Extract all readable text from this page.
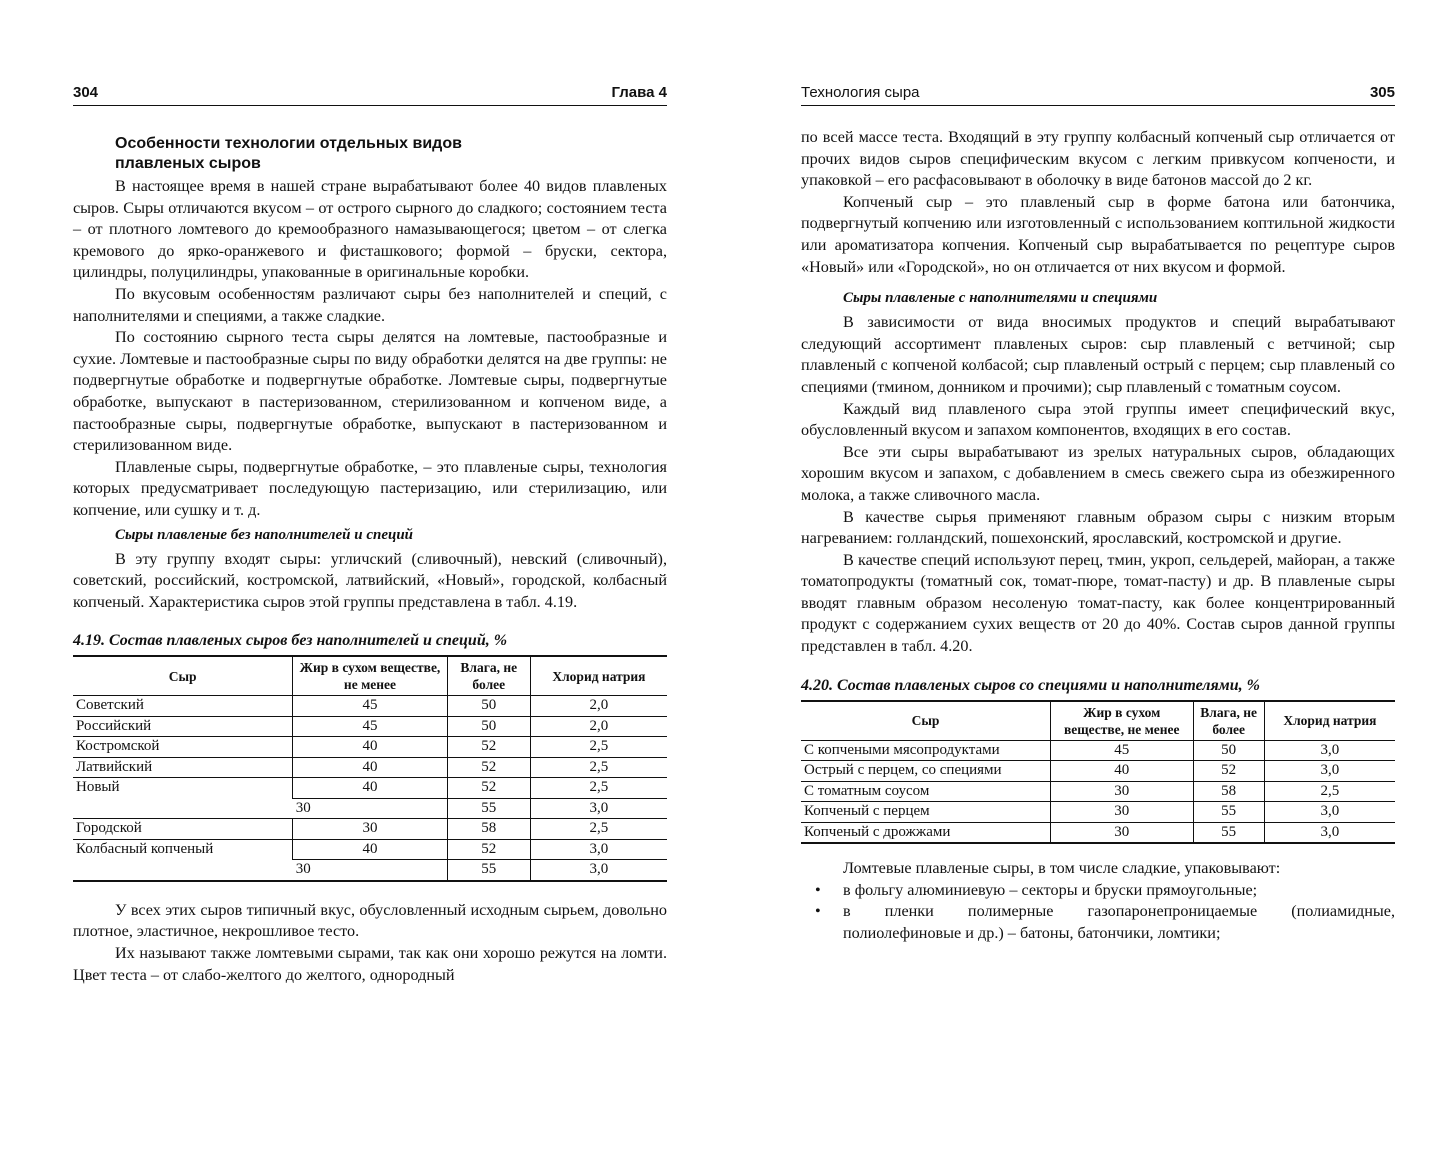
304	Глава 4
Особенности технологии отдельных видов
плавленых сыров

В настоящее время в нашей стране вырабатывают более 40 видов плавленых сыров. Сыры отличаются вкусом – от острого сырного до сладкого; состоянием теста – от плотного ломтевого до кремообразного намазывающегося; цветом – от слегка кремового до ярко-оранжевого и фисташкового; формой – бруски, сектора, цилиндры, полуцилиндры, упакованные в оригинальные коробки.

По вкусовым особенностям различают сыры без наполнителей и специй, с наполнителями и специями, а также сладкие.

По состоянию сырного теста сыры делятся на ломтевые, пастообразные и сухие. Ломтевые и пастообразные сыры по виду обработки делятся на две группы: не подвергнутые обработке и подвергнутые обработке. Ломтевые сыры, подвергнутые обработке, выпускают в пастеризованном, стерилизованном и копченом виде, а пастообразные сыры, подвергнутые обработке, выпускают в пастеризованном и стерилизованном виде.

Плавленые сыры, подвергнутые обработке, – это плавленые сыры, технология которых предусматривает последующую пастеризацию, или стерилизацию, или копчение, или сушку и т. д.

Сыры плавленые без наполнителей и специй

В эту группу входят сыры: угличский (сливочный), невский (сливочный), советский, российский, костромской, латвийский, «Новый», городской, колбасный копченый. Характеристика сыров этой группы представлена в табл. 4.19.

4.19. Состав плавленых сыров без наполнителей и специй, %
Сыр	Жир в сухом веществе, не менее	Влага, не более	Хлорид натрия
Советский	45	50	2,0
Российский	45	50	2,0
Костромской	40	52	2,5
Латвийский	40	52	2,5
Новый	40	52	2,5
	30	55	3,0
Городской	30	58	2,5
Колбасный копченый	40	52	3,0
	30	55	3,0

У всех этих сыров типичный вкус, обусловленный исходным сырьем, довольно плотное, эластичное, некрошливое тесто.

Их называют также ломтевыми сырами, так как они хорошо режутся на ломти. Цвет теста – от слабо-желтого до желтого, однородный

Технология сыра	305

по всей массе теста. Входящий в эту группу колбасный копченый сыр отличается от прочих видов сыров специфическим вкусом с легким привкусом копчености, и упаковкой – его расфасовывают в оболочку в виде батонов массой до 2 кг.

Копченый сыр – это плавленый сыр в форме батона или батончика, подвергнутый копчению или изготовленный с использованием коптильной жидкости или ароматизатора копчения. Копченый сыр вырабатывается по рецептуре сыров «Новый» или «Городской», но он отличается от них вкусом и формой.

Сыры плавленые с наполнителями и специями

В зависимости от вида вносимых продуктов и специй вырабатывают следующий ассортимент плавленых сыров: сыр плавленый с ветчиной; сыр плавленый с копченой колбасой; сыр плавленый острый с перцем; сыр плавленый со специями (тмином, донником и прочими); сыр плавленый с томатным соусом.

Каждый вид плавленого сыра этой группы имеет специфический вкус, обусловленный вкусом и запахом компонентов, входящих в его состав.

Все эти сыры вырабатывают из зрелых натуральных сыров, обладающих хорошим вкусом и запахом, с добавлением в смесь свежего сыра из обезжиренного молока, а также сливочного масла.

В качестве сырья применяют главным образом сыры с низким вторым нагреванием: голландский, пошехонский, ярославский, костромской и другие.

В качестве специй используют перец, тмин, укроп, сельдерей, майоран, а также томатопродукты (томатный сок, томат-пюре, томат-пасту) и др. В плавленые сыры вводят главным образом несоленую томат-пасту, как более концентрированный продукт с содержанием сухих веществ от 20 до 40%. Состав сыров данной группы представлен в табл. 4.20.

4.20. Состав плавленых сыров со специями и наполнителями, %
Сыр	Жир в сухом веществе, не менее	Влага, не более	Хлорид натрия
С копчеными мясопродуктами	45	50	3,0
Острый с перцем, со специями	40	52	3,0
С томатным соусом	30	58	2,5
Копченый с перцем	30	55	3,0
Копченый с дрожжами	30	55	3,0

Ломтевые плавленые сыры, в том числе сладкие, упаковывают:

• в фольгу алюминиевую – секторы и бруски прямоугольные;
• в пленки полимерные газопаронепроницаемые (полиамидные, полиолефиновые и др.) – батоны, батончики, ломтики;
